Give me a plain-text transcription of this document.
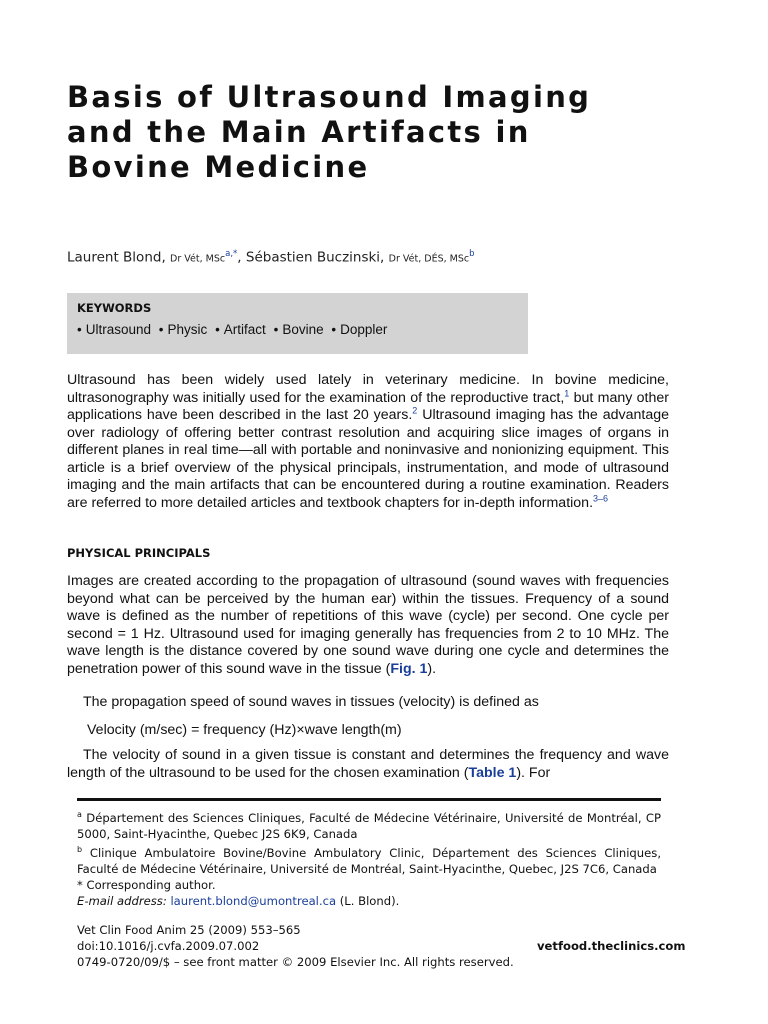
Basis of Ultrasound Imaging and the Main Artifacts in Bovine Medicine
Laurent Blond, Dr Vét, MSc$^{a,*}$, Sébastien Buczinski, Dr Vét, DÉS, MSc$^b$
KEYWORDS
• Ultrasound • Physic • Artifact • Bovine • Doppler

Ultrasound has been widely used lately in veterinary medicine. In bovine medicine, ultrasonography was initially used for the examination of the reproductive tract,$^1$ but many other applications have been described in the last 20 years.$^2$ Ultrasound imaging has the advantage over radiology of offering better contrast resolution and acquiring slice images of organs in different planes in real time—all with portable and noninvasive and nonionizing equipment. This article is a brief overview of the physical principals, instrumentation, and mode of ultrasound imaging and the main artifacts that can be encountered during a routine examination. Readers are referred to more detailed articles and textbook chapters for in-depth information.$^{3-6}$

PHYSICAL PRINCIPALS

Images are created according to the propagation of ultrasound (sound waves with frequencies beyond what can be perceived by the human ear) within the tissues. Frequency of a sound wave is defined as the number of repetitions of this wave (cycle) per second. One cycle per second = 1 Hz. Ultrasound used for imaging generally has frequencies from 2 to 10 MHz. The wave length is the distance covered by one sound wave during one cycle and determines the penetration power of this sound wave in the tissue (Fig. 1).

The propagation speed of sound waves in tissues (velocity) is defined as

Velocity (m/sec) = frequency (Hz)×wave length(m)

The velocity of sound in a given tissue is constant and determines the frequency and wave length of the ultrasound to be used for the chosen examination (Table 1). For

$^a$ Département des Sciences Cliniques, Faculté de Médecine Vétérinaire, Université de Montréal, CP 5000, Saint-Hyacinthe, Quebec J2S 6K9, Canada

$^b$ Clinique Ambulatoire Bovine/Bovine Ambulatory Clinic, Département des Sciences Cliniques, Faculté de Médecine Vétérinaire, Université de Montréal, Saint-Hyacinthe, Quebec, J2S 7C6, Canada

* Corresponding author.

E-mail address: laurent.blond@umontreal.ca (L. Blond).

Vet Clin Food Anim 25 (2009) 553–565
doi:10.1016/j.cvfa.2009.07.002
0749-0720/09/$ – see front matter © 2009 Elsevier Inc. All rights reserved.
vetfood.theclinics.com
